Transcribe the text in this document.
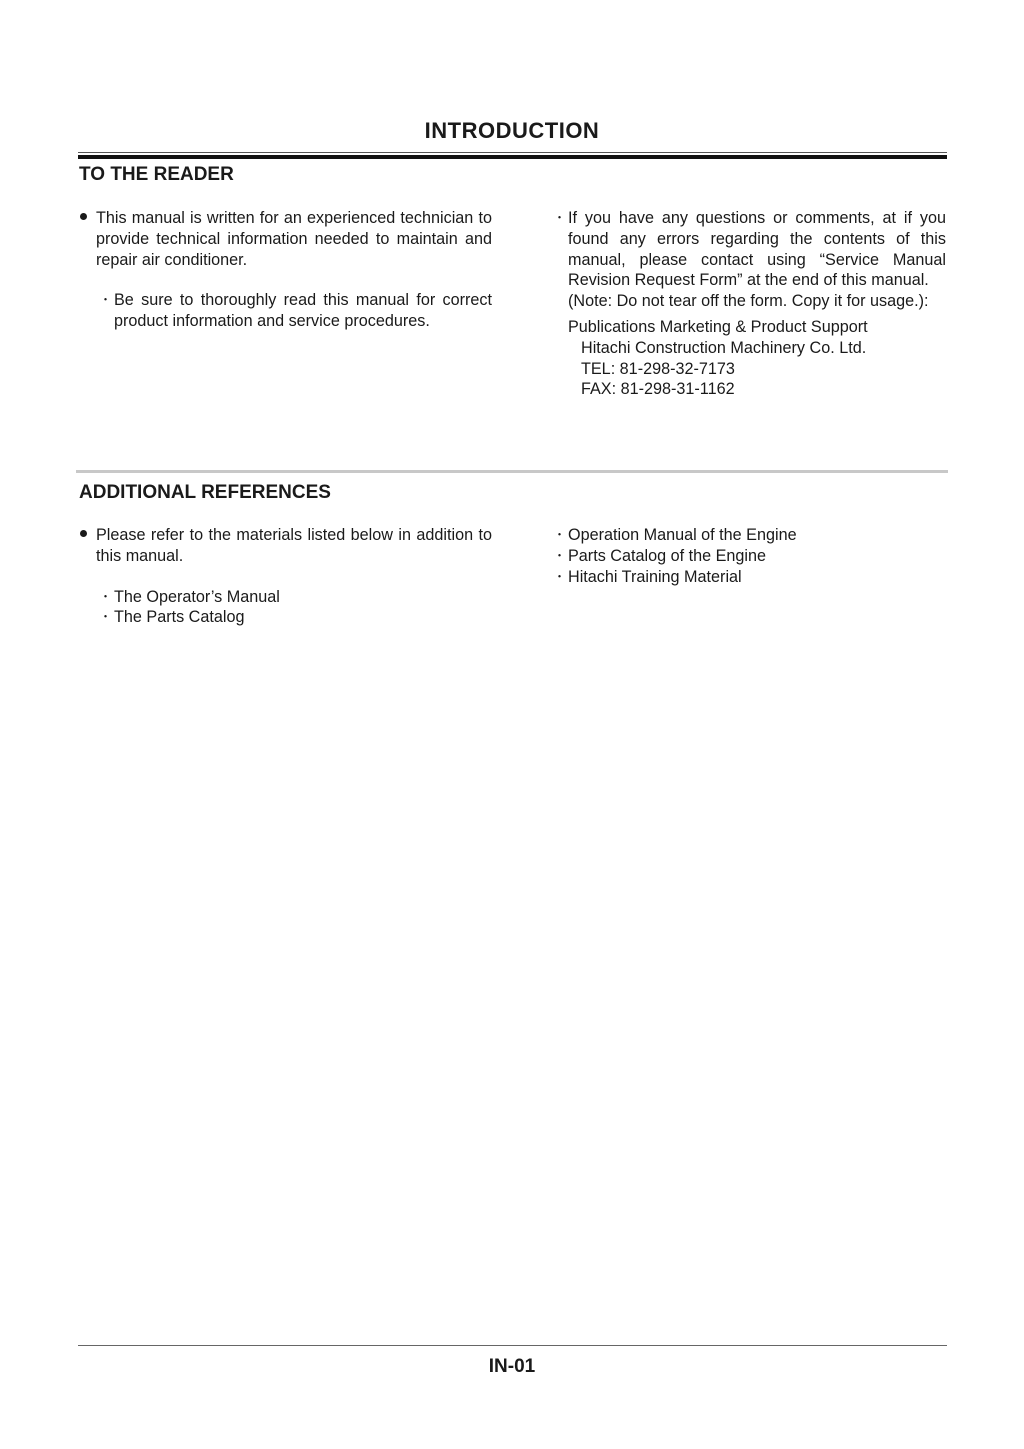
INTRODUCTION
TO THE READER

This manual is written for an experienced technician to provide technical information needed to maintain and repair air conditioner.

・ Be sure to thoroughly read this manual for correct product information and service procedures.

・ If you have any questions or comments, at if you found any errors regarding the contents of this manual, please contact using “Service Manual Revision Request Form” at the end of this manual.

(Note: Do not tear off the form. Copy it for usage.):

Publications Marketing & Product Support

Hitachi Construction Machinery Co. Ltd.

TEL: 81-298-32-7173

FAX: 81-298-31-1162

ADDITIONAL REFERENCES

Please refer to the materials listed below in addition to this manual.

・ The Operator’s Manual

・ The Parts Catalog

・ Operation Manual of the Engine

・ Parts Catalog of the Engine

・ Hitachi Training Material

IN-01
